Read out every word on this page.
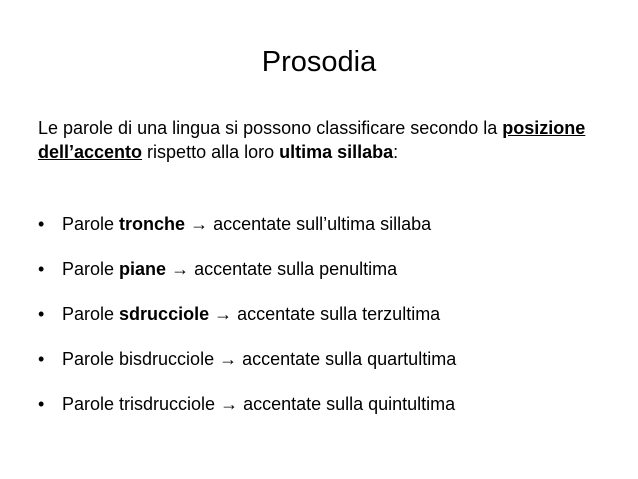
Prosodia
Le parole di una lingua si possono classificare secondo la posizione dell’accento rispetto alla loro ultima sillaba:
• Parole tronche → accentate sull’ultima sillaba
• Parole piane → accentate sulla penultima
• Parole sdrucciole → accentate sulla terzultima
• Parole bisdrucciole → accentate sulla quartultima
• Parole trisdrucciole → accentate sulla quintultima
